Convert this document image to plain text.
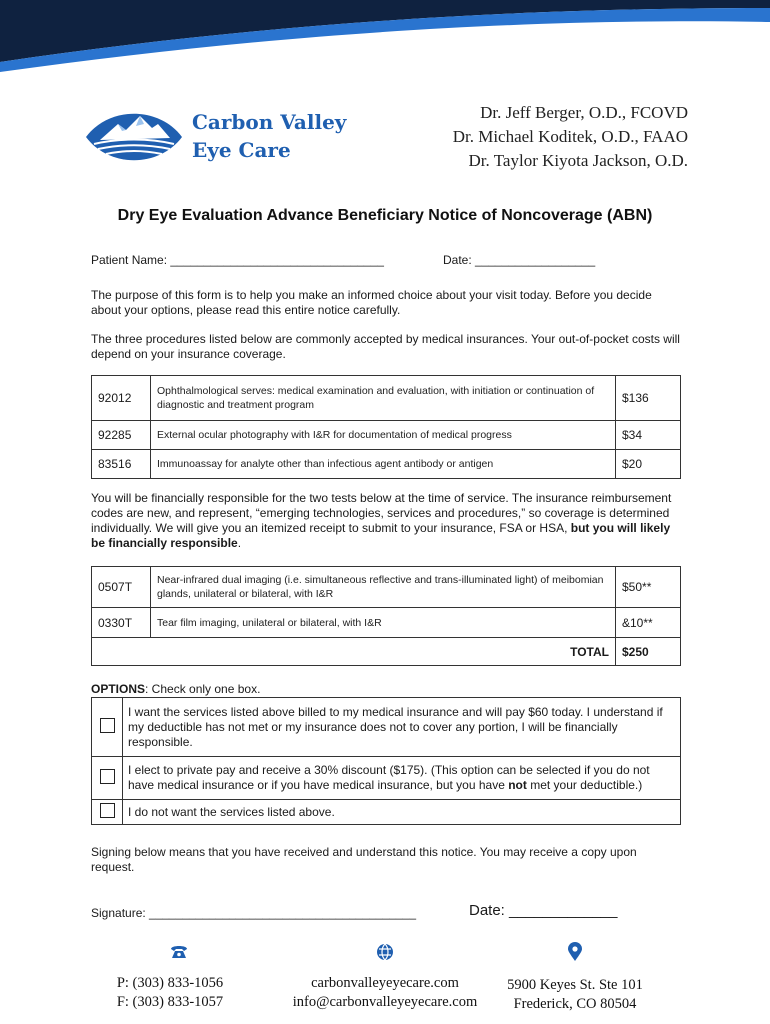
Carbon Valley
Eye Care
Dr. Jeff Berger, O.D., FCOVD
Dr. Michael Koditek, O.D., FAAO
Dr. Taylor Kiyota Jackson, O.D.
Dry Eye Evaluation Advance Beneficiary Notice of Noncoverage (ABN)
Patient Name: ________________________________	Date: __________________
The purpose of this form is to help you make an informed choice about your visit today. Before you decide about your options, please read this entire notice carefully.
The three procedures listed below are commonly accepted by medical insurances. Your out-of-pocket costs will depend on your insurance coverage.
92012	Ophthalmological serves: medical examination and evaluation, with initiation or continuation of diagnostic and treatment program	$136
92285	External ocular photography with I&R for documentation of medical progress	$34
83516	Immunoassay for analyte other than infectious agent antibody or antigen	$20
You will be financially responsible for the two tests below at the time of service. The insurance reimbursement codes are new, and represent, “emerging technologies, services and procedures,” so coverage is determined individually. We will give you an itemized receipt to submit to your insurance, FSA or HSA, but you will likely be financially responsible.
0507T	Near-infrared dual imaging (i.e. simultaneous reflective and trans-illuminated light) of meibomian glands, unilateral or bilateral, with I&R	$50**
0330T	Tear film imaging, unilateral or bilateral, with I&R	&10**
TOTAL		$250
OPTIONS: Check only one box.
	I want the services listed above billed to my medical insurance and will pay $60 today. I understand if my deductible has not met or my insurance does not to cover any portion, I will be financially responsible.
	I elect to private pay and receive a 30% discount ($175). (This option can be selected if you do not have medical insurance or if you have medical insurance, but you have not met your deductible.)
	I do not want the services listed above.
Signing below means that you have received and understand this notice. You may receive a copy upon request.
Signature: ________________________________________	Date: _____________
P: (303) 833-1056
F: (303) 833-1057
carbonvalleyeyecare.com
info@carbonvalleyeyecare.com
5900 Keyes St. Ste 101
Frederick, CO 80504
